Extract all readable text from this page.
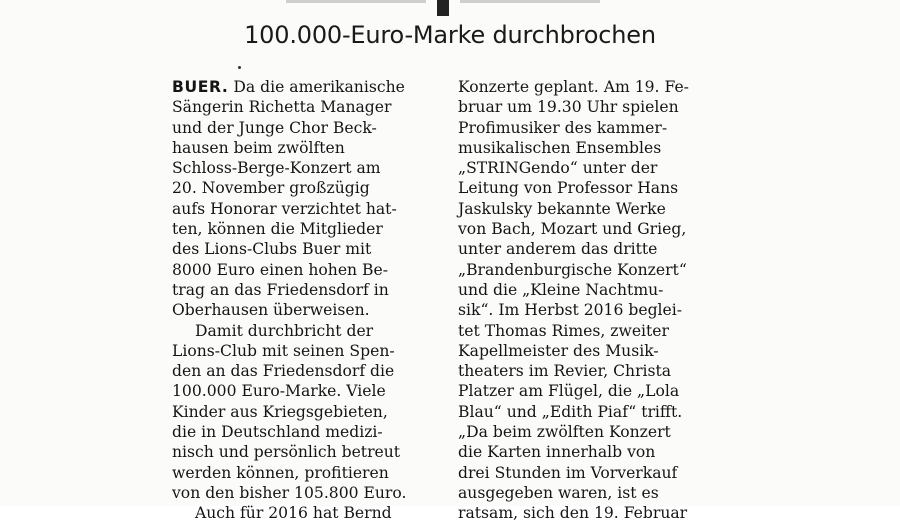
100.000-Euro-Marke durchbrochen
BUER. Da die amerikanische
Sängerin Richetta Manager
und der Junge Chor Beck-
hausen beim zwölften
Schloss-Berge-Konzert am
20. November großzügig
aufs Honorar verzichtet hat-
ten, können die Mitglieder
des Lions-Clubs Buer mit
8000 Euro einen hohen Be-
trag an das Friedensdorf in
Oberhausen überweisen.
Damit durchbricht der
Lions-Club mit seinen Spen-
den an das Friedensdorf die
100.000 Euro-Marke. Viele
Kinder aus Kriegsgebieten,
die in Deutschland medizi-
nisch und persönlich betreut
werden können, profitieren
von den bisher 105.800 Euro.
Auch für 2016 hat Bernd
Konzerte geplant. Am 19. Fe-
bruar um 19.30 Uhr spielen
Profimusiker des kammer-
musikalischen Ensembles
„STRINGendo“ unter der
Leitung von Professor Hans
Jaskulsky bekannte Werke
von Bach, Mozart und Grieg,
unter anderem das dritte
„Brandenburgische Konzert“
und die „Kleine Nachtmu-
sik“. Im Herbst 2016 beglei-
tet Thomas Rimes, zweiter
Kapellmeister des Musik-
theaters im Revier, Christa
Platzer am Flügel, die „Lola
Blau“ und „Edith Piaf“ trifft.
„Da beim zwölften Konzert
die Karten innerhalb von
drei Stunden im Vorverkauf
ausgegeben waren, ist es
ratsam, sich den 19. Februar
